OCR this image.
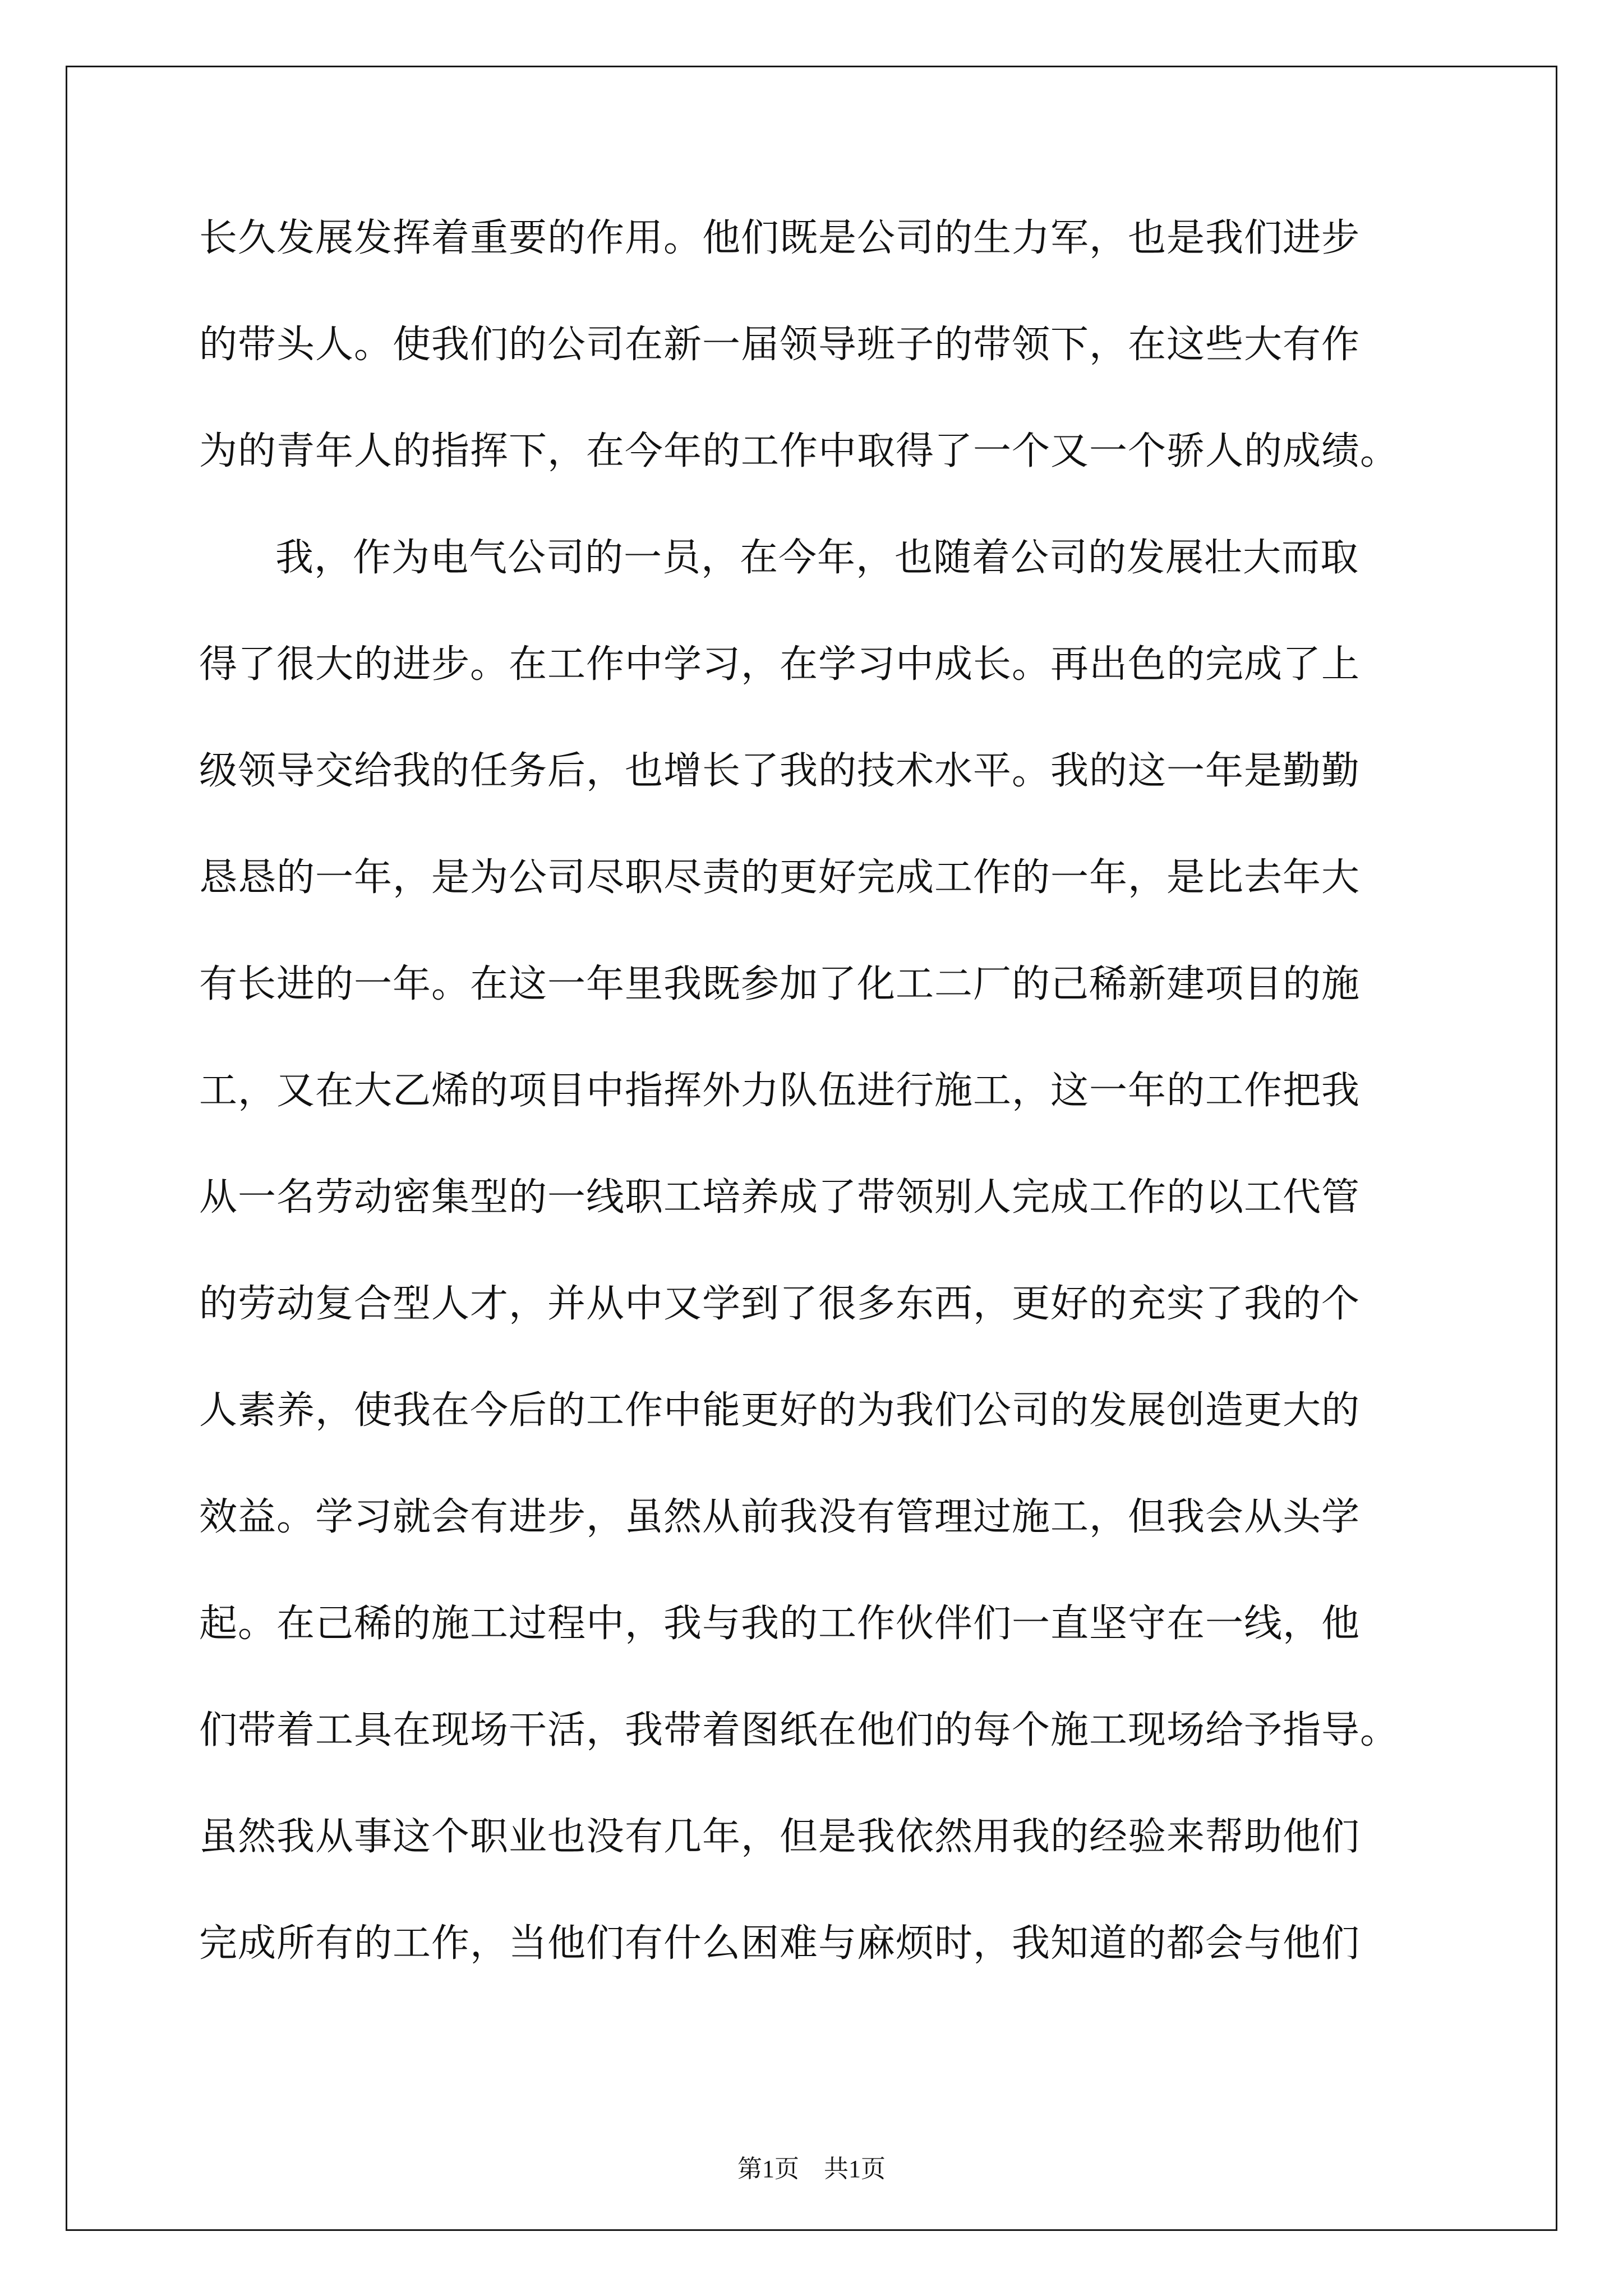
长久发展发挥着重要的作用。他们既是公司的生力军，也是我们进步
的带头人。使我们的公司在新一届领导班子的带领下，在这些大有作
为的青年人的指挥下，在今年的工作中取得了一个又一个骄人的成绩。
我，作为电气公司的一员，在今年，也随着公司的发展壮大而取
得了很大的进步。在工作中学习，在学习中成长。再出色的完成了上
级领导交给我的任务后，也增长了我的技术水平。我的这一年是勤勤
恳恳的一年，是为公司尽职尽责的更好完成工作的一年，是比去年大
有长进的一年。在这一年里我既参加了化工二厂的己稀新建项目的施
工，又在大乙烯的项目中指挥外力队伍进行施工，这一年的工作把我
从一名劳动密集型的一线职工培养成了带领别人完成工作的以工代管
的劳动复合型人才，并从中又学到了很多东西，更好的充实了我的个
人素养，使我在今后的工作中能更好的为我们公司的发展创造更大的
效益。学习就会有进步，虽然从前我没有管理过施工，但我会从头学
起。在己稀的施工过程中，我与我的工作伙伴们一直坚守在一线，他
们带着工具在现场干活，我带着图纸在他们的每个施工现场给予指导。
虽然我从事这个职业也没有几年，但是我依然用我的经验来帮助他们
完成所有的工作，当他们有什么困难与麻烦时，我知道的都会与他们
第1页　共1页
